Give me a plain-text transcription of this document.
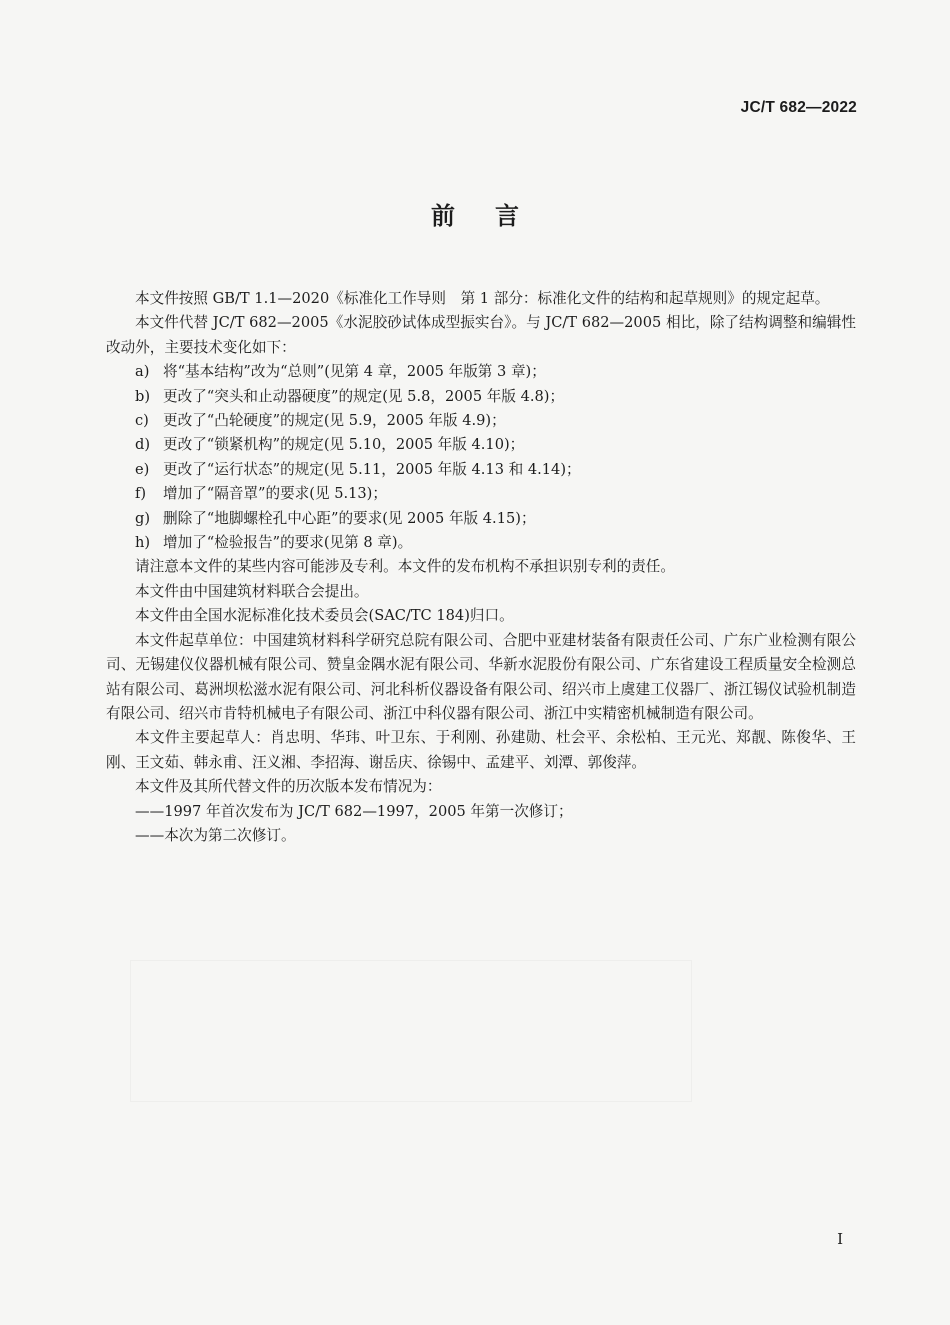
JC/T 682—2022
前言

本文件按照 GB/T 1.1—2020《标准化工作导则　第 1 部分：标准化文件的结构和起草规则》的规定起草。

本文件代替 JC/T 682—2005《水泥胶砂试体成型振实台》。与 JC/T 682—2005 相比，除了结构调整和编辑性改动外，主要技术变化如下：

a) 将“基本结构”改为“总则”(见第 4 章，2005 年版第 3 章)；

b) 更改了“突头和止动器硬度”的规定(见 5.8，2005 年版 4.8)；

c) 更改了“凸轮硬度”的规定(见 5.9，2005 年版 4.9)；

d) 更改了“锁紧机构”的规定(见 5.10，2005 年版 4.10)；

e) 更改了“运行状态”的规定(见 5.11，2005 年版 4.13 和 4.14)；

f) 增加了“隔音罩”的要求(见 5.13)；

g) 删除了“地脚螺栓孔中心距”的要求(见 2005 年版 4.15)；

h) 增加了“检验报告”的要求(见第 8 章)。

请注意本文件的某些内容可能涉及专利。本文件的发布机构不承担识别专利的责任。

本文件由中国建筑材料联合会提出。

本文件由全国水泥标准化技术委员会(SAC/TC 184)归口。

本文件起草单位：中国建筑材料科学研究总院有限公司、合肥中亚建材装备有限责任公司、广东广业检测有限公司、无锡建仪仪器机械有限公司、赞皇金隅水泥有限公司、华新水泥股份有限公司、广东省建设工程质量安全检测总站有限公司、葛洲坝松滋水泥有限公司、河北科析仪器设备有限公司、绍兴市上虞建工仪器厂、浙江锡仪试验机制造有限公司、绍兴市肯特机械电子有限公司、浙江中科仪器有限公司、浙江中实精密机械制造有限公司。

本文件主要起草人：肖忠明、华玮、叶卫东、于利刚、孙建勋、杜会平、余松柏、王元光、郑靓、陈俊华、王刚、王文茹、韩永甫、汪义湘、李招海、谢岳庆、徐锡中、孟建平、刘潭、郭俊萍。

本文件及其所代替文件的历次版本发布情况为：

——1997 年首次发布为 JC/T 682—1997，2005 年第一次修订；

——本次为第二次修订。

I
